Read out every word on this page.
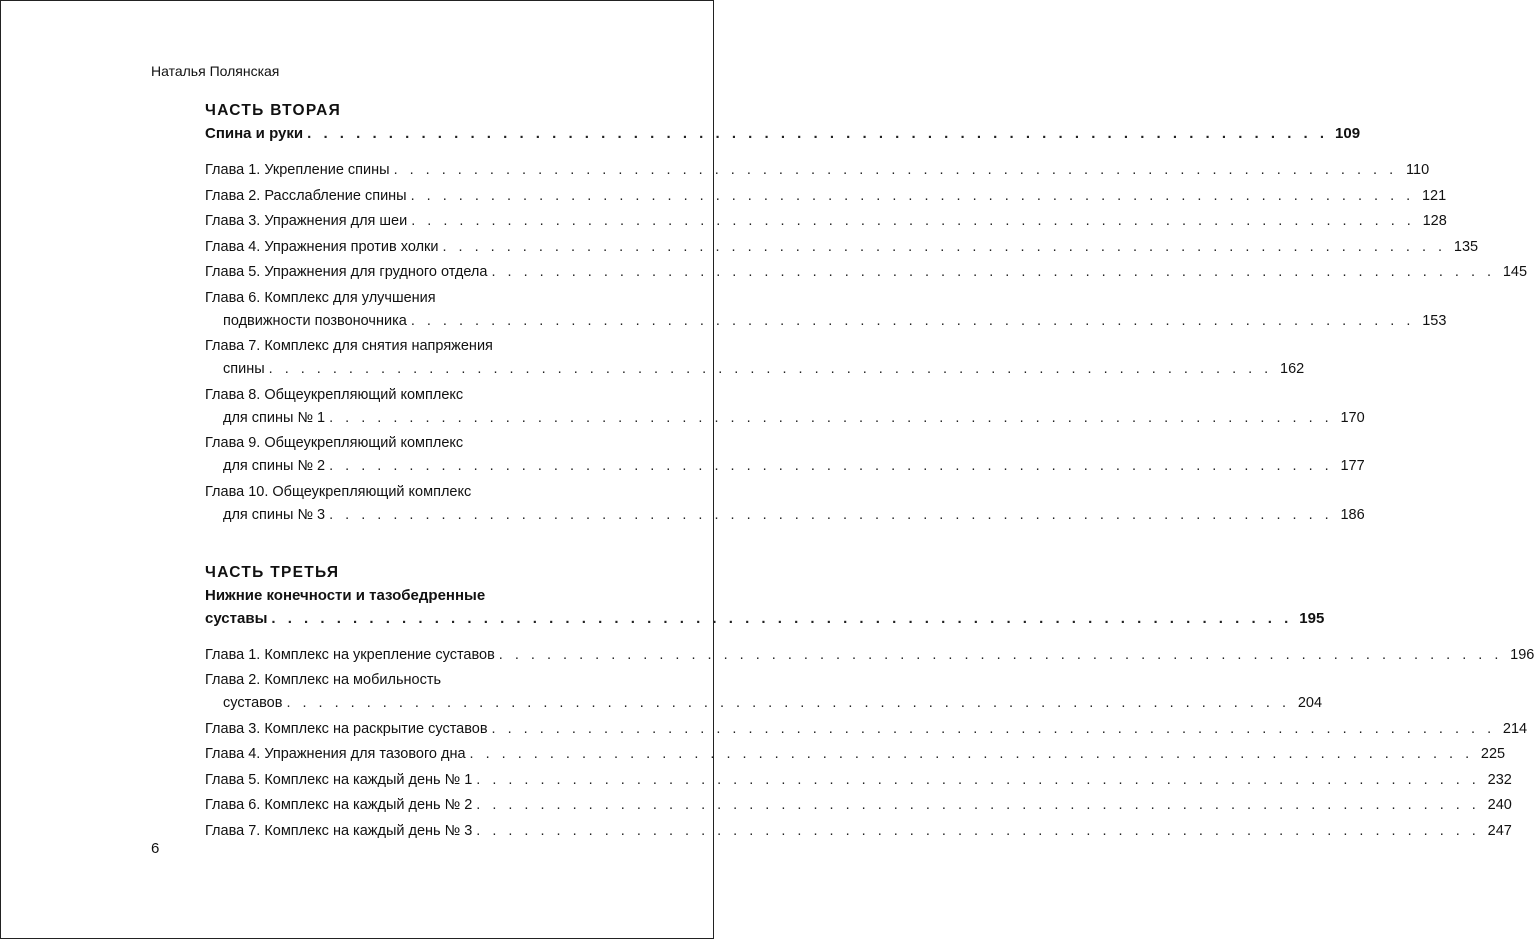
Наталья Полянская
ЧАСТЬ ВТОРАЯ
Спина и руки . . . . . . . . . . . . . . . . . . . . . . . . . . . . . . . . . . . . . . . . . . . . . . . . . . . . . . . . . . . . . . . 109
Глава 1. Укрепление спины . . . . . . . . . . . . . . . . . . . . . . . . . . . . . . . . . . . . . . . . . . . . . . . . . . . . . . . . . . . . . . . 110
Глава 2. Расслабление спины . . . . . . . . . . . . . . . . . . . . . . . . . . . . . . . . . . . . . . . . . . . . . . . . . . . . . . . . . . . . . . . 121
Глава 3. Упражнения для шеи . . . . . . . . . . . . . . . . . . . . . . . . . . . . . . . . . . . . . . . . . . . . . . . . . . . . . . . . . . . . . . . 128
Глава 4. Упражнения против холки . . . . . . . . . . . . . . . . . . . . . . . . . . . . . . . . . . . . . . . . . . . . . . . . . . . . . . . . . . . . . . . 135
Глава 5. Упражнения для грудного отдела . . . . . . . . . . . . . . . . . . . . . . . . . . . . . . . . . . . . . . . . . . . . . . . . . . . . . . . . . . . . . . . 145
Глава 6. Комплекс для улучшения
подвижности позвоночника . . . . . . . . . . . . . . . . . . . . . . . . . . . . . . . . . . . . . . . . . . . . . . . . . . . . . . . . . . . . . . . 153
Глава 7. Комплекс для снятия напряжения
спины . . . . . . . . . . . . . . . . . . . . . . . . . . . . . . . . . . . . . . . . . . . . . . . . . . . . . . . . . . . . . . . 162
Глава 8. Общеукрепляющий комплекс
для спины № 1 . . . . . . . . . . . . . . . . . . . . . . . . . . . . . . . . . . . . . . . . . . . . . . . . . . . . . . . . . . . . . . . 170
Глава 9. Общеукрепляющий комплекс
для спины № 2 . . . . . . . . . . . . . . . . . . . . . . . . . . . . . . . . . . . . . . . . . . . . . . . . . . . . . . . . . . . . . . . 177
Глава 10. Общеукрепляющий комплекс
для спины № 3 . . . . . . . . . . . . . . . . . . . . . . . . . . . . . . . . . . . . . . . . . . . . . . . . . . . . . . . . . . . . . . . 186
ЧАСТЬ ТРЕТЬЯ
Нижние конечности и тазобедренные
суставы . . . . . . . . . . . . . . . . . . . . . . . . . . . . . . . . . . . . . . . . . . . . . . . . . . . . . . . . . . . . . . . 195
Глава 1. Комплекс на укрепление суставов . . . . . . . . . . . . . . . . . . . . . . . . . . . . . . . . . . . . . . . . . . . . . . . . . . . . . . . . . . . . . . . 196
Глава 2. Комплекс на мобильность
суставов . . . . . . . . . . . . . . . . . . . . . . . . . . . . . . . . . . . . . . . . . . . . . . . . . . . . . . . . . . . . . . . 204
Глава 3. Комплекс на раскрытие суставов . . . . . . . . . . . . . . . . . . . . . . . . . . . . . . . . . . . . . . . . . . . . . . . . . . . . . . . . . . . . . . . 214
Глава 4. Упражнения для тазового дна . . . . . . . . . . . . . . . . . . . . . . . . . . . . . . . . . . . . . . . . . . . . . . . . . . . . . . . . . . . . . . . 225
Глава 5. Комплекс на каждый день № 1 . . . . . . . . . . . . . . . . . . . . . . . . . . . . . . . . . . . . . . . . . . . . . . . . . . . . . . . . . . . . . . . 232
Глава 6. Комплекс на каждый день № 2 . . . . . . . . . . . . . . . . . . . . . . . . . . . . . . . . . . . . . . . . . . . . . . . . . . . . . . . . . . . . . . . 240
Глава 7. Комплекс на каждый день № 3 . . . . . . . . . . . . . . . . . . . . . . . . . . . . . . . . . . . . . . . . . . . . . . . . . . . . . . . . . . . . . . . 247
6
